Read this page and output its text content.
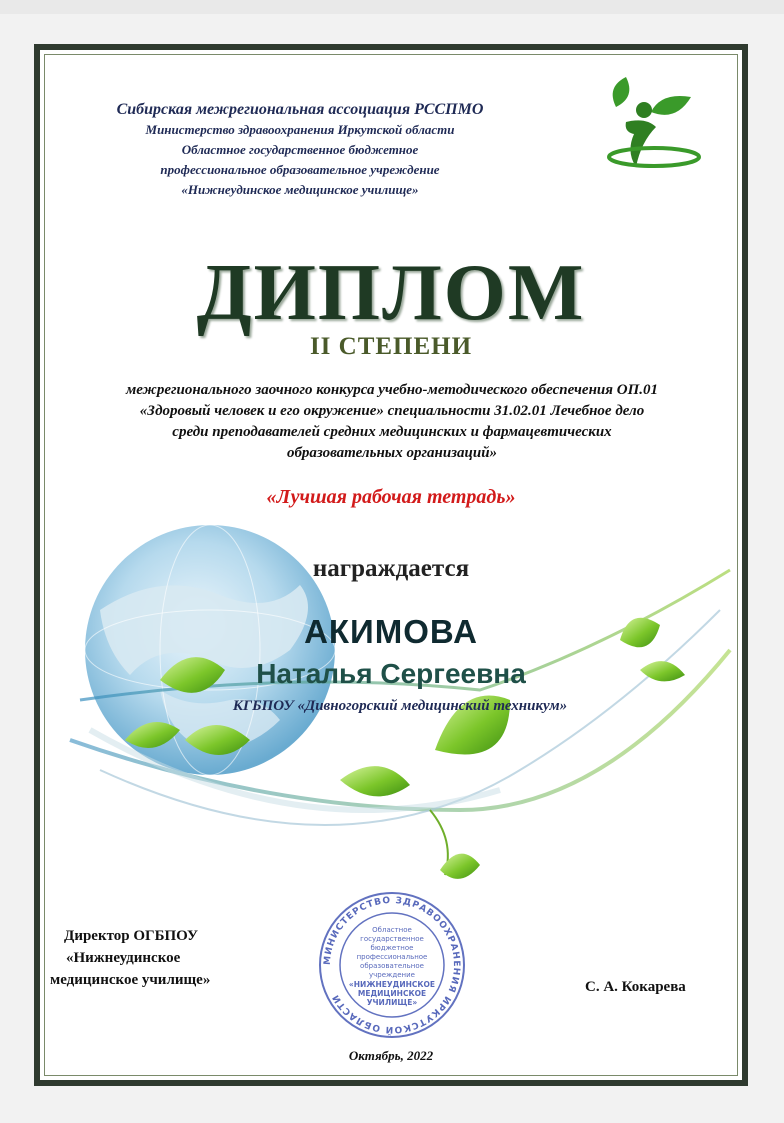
Сибирская межрегиональная ассоциация РССПМО
Министерство здравоохранения Иркутской области
Областное государственное бюджетное
профессиональное образовательное учреждение
«Нижнеудинское медицинское училище»
ДИПЛОМ
II СТЕПЕНИ
межрегионального заочного конкурса учебно-методического обеспечения ОП.01
«Здоровый человек и его окружение» специальности 31.02.01 Лечебное дело
среди преподавателей средних медицинских и фармацевтических
образовательных организаций»
«Лучшая рабочая тетрадь»
награждается
АКИМОВА
Наталья Сергеевна
КГБПОУ «Дивногорский медицинский техникум»
Директор ОГБПОУ
«Нижнеудинское
медицинское училище»
МИНИСТЕРСТВО ЗДРАВООХРАНЕНИЯ ИРКУТСКОЙ ОБЛАСТИ
Областное
государственное
бюджетное
профессиональное
образовательное
учреждение
«НИЖНЕУДИНСКОЕ
МЕДИЦИНСКОЕ
УЧИЛИЩЕ»
С. А. Кокарева
Октябрь, 2022
